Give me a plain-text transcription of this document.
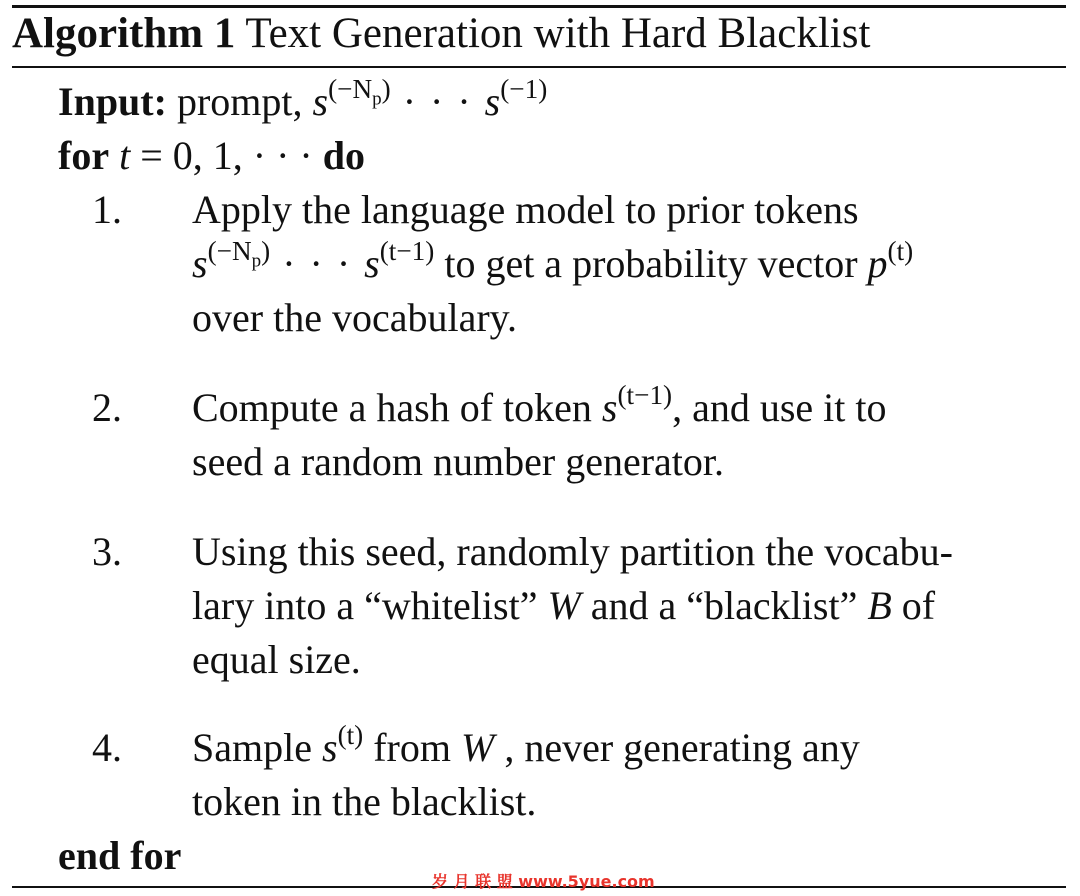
Algorithm 1 Text Generation with Hard Blacklist
Input: prompt, $s^{(-N_p)}$ · · · $s^{(-1)}$
for t = 0, 1, · · · do
1. Apply the language model to prior tokens
$s^{(-N_p)}$ · · · $s^{(t-1)}$ to get a probability vector $p^{(t)}$
over the vocabulary.
2. Compute a hash of token $s^{(t-1)}$, and use it to
seed a random number generator.
3. Using this seed, randomly partition the vocabu-
lary into a “whitelist” W and a “blacklist” B of
equal size.
4. Sample $s^{(t)}$ from W , never generating any
token in the blacklist.
end for
岁 月 联 盟 www.5yue.com
